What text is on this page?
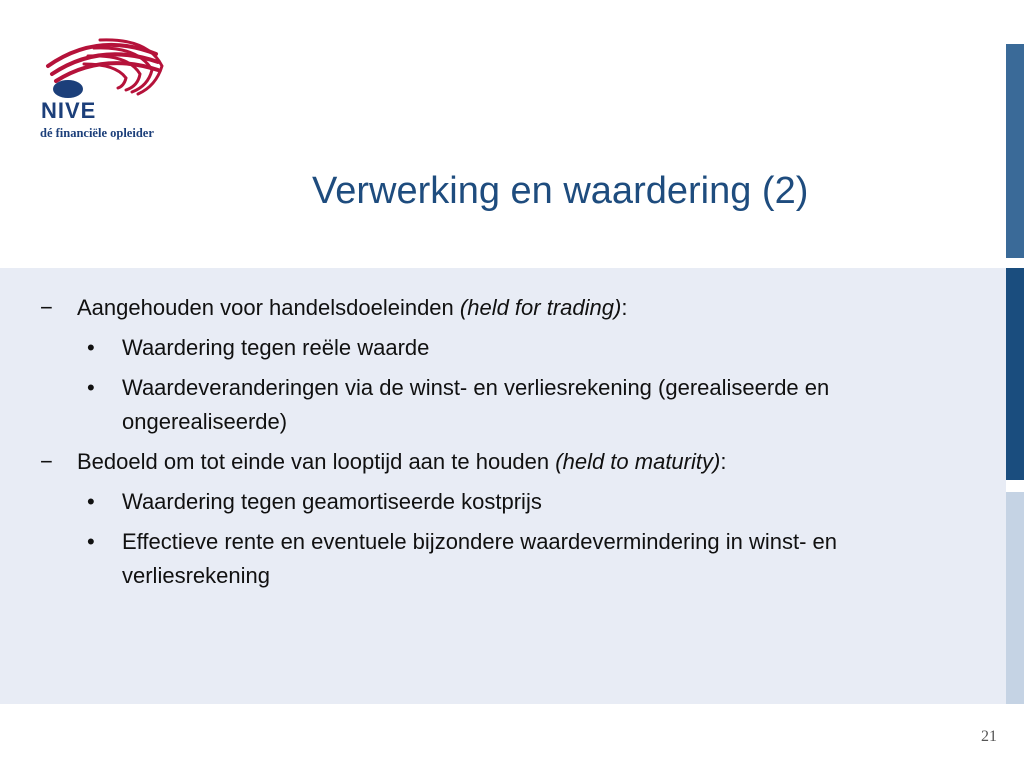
NIVE
dé financiële opleider
Verwerking en waardering (2)
− Aangehouden voor handelsdoeleinden (held for trading):
• Waardering tegen reële waarde
• Waardeveranderingen via de winst- en verliesrekening (gerealiseerde en ongerealiseerde)
− Bedoeld om tot einde van looptijd aan te houden (held to maturity):
• Waardering tegen geamortiseerde kostprijs
• Effectieve rente en eventuele bijzondere waardevermindering in winst- en verliesrekening
21
